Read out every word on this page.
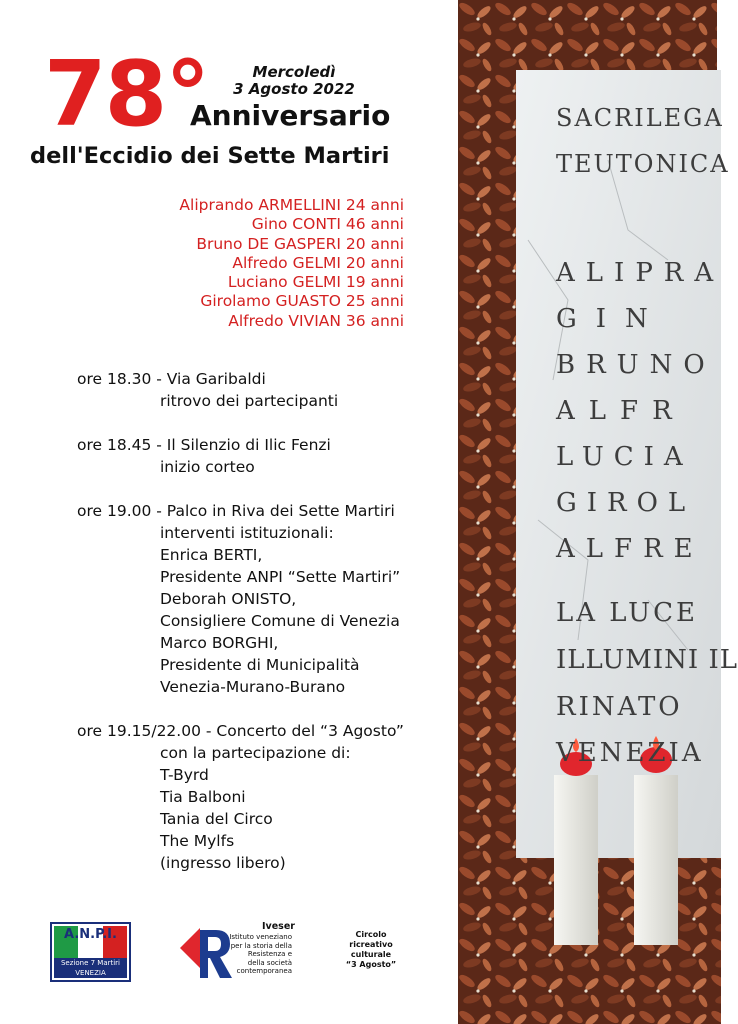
78°	Mercoledì
3 Agosto 2022
Anniversario
dell'Eccidio dei Sette Martiri
Aliprando ARMELLINI 24 anni
Gino CONTI 46 anni
Bruno DE GASPERI 20 anni
Alfredo GELMI 20 anni
Luciano GELMI 19 anni
Girolamo GUASTO 25 anni
Alfredo VIVIAN 36 anni
ore 18.30 - Via Garibaldi
ritrovo dei partecipanti
ore 18.45 - Il Silenzio di Ilic Fenzi
inizio corteo
ore 19.00 - Palco in Riva dei Sette Martiri
interventi istituzionali:
Enrica BERTI,
Presidente ANPI “Sette Martiri”
Deborah ONISTO,
Consigliere Comune di Venezia
Marco BORGHI,
Presidente di Municipalità
Venezia-Murano-Burano
ore 19.15/22.00 - Concerto del “3 Agosto”
con la partecipazione di:
T-Byrd
Tia Balboni
Tania del Circo
The Mylfs
(ingresso libero)
A.N.P.I.
Sezione 7 Martiri
VENEZIA
Iveser
Istituto veneziano
per la storia della
Resistenza e
della società
contemporanea
Circolo
ricreativo
culturale
“3 Agosto”
SACRILEGA
TEUTONICA
ALIPRA
GIN
BRUNO
ALFR
LUCIA
GIROL
ALFRE
LA LUCE
ILLUMINI IL
RINATO
VENEZIA
